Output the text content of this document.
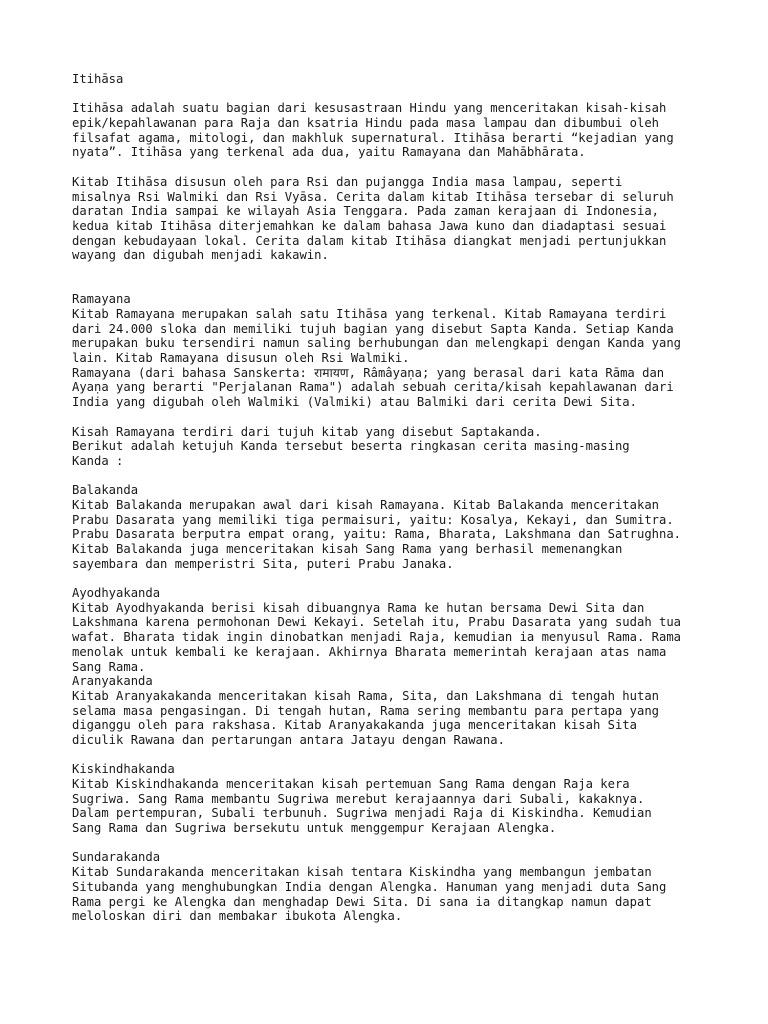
Itihāsa
Itihāsa adalah suatu bagian dari kesusastraan Hindu yang menceritakan kisah-kisah
epik/kepahlawanan para Raja dan ksatria Hindu pada masa lampau dan dibumbui oleh
filsafat agama, mitologi, dan makhluk supernatural. Itihāsa berarti “kejadian yang
nyata”. Itihāsa yang terkenal ada dua, yaitu Ramayana dan Mahābhārata.
Kitab Itihāsa disusun oleh para Rsi dan pujangga India masa lampau, seperti
misalnya Rsi Walmiki dan Rsi Vyāsa. Cerita dalam kitab Itihāsa tersebar di seluruh
daratan India sampai ke wilayah Asia Tenggara. Pada zaman kerajaan di Indonesia,
kedua kitab Itihāsa diterjemahkan ke dalam bahasa Jawa kuno dan diadaptasi sesuai
dengan kebudayaan lokal. Cerita dalam kitab Itihāsa diangkat menjadi pertunjukkan
wayang dan digubah menjadi kakawin.
Ramayana
Kitab Ramayana merupakan salah satu Itihāsa yang terkenal. Kitab Ramayana terdiri
dari 24.000 sloka dan memiliki tujuh bagian yang disebut Sapta Kanda. Setiap Kanda
merupakan buku tersendiri namun saling berhubungan dan melengkapi dengan Kanda yang
lain. Kitab Ramayana disusun oleh Rsi Walmiki.
Ramayana (dari bahasa Sanskerta: रामायण, Râmâyaṇa; yang berasal dari kata Rāma dan
Ayaṇa yang berarti "Perjalanan Rama") adalah sebuah cerita/kisah kepahlawanan dari
India yang digubah oleh Walmiki (Valmiki) atau Balmiki dari cerita Dewi Sita.
Kisah Ramayana terdiri dari tujuh kitab yang disebut Saptakanda.
Berikut adalah ketujuh Kanda tersebut beserta ringkasan cerita masing-masing
Kanda :
Balakanda
Kitab Balakanda merupakan awal dari kisah Ramayana. Kitab Balakanda menceritakan
Prabu Dasarata yang memiliki tiga permaisuri, yaitu: Kosalya, Kekayi, dan Sumitra.
Prabu Dasarata berputra empat orang, yaitu: Rama, Bharata, Lakshmana dan Satrughna.
Kitab Balakanda juga menceritakan kisah Sang Rama yang berhasil memenangkan
sayembara dan memperistri Sita, puteri Prabu Janaka.
Ayodhyakanda
Kitab Ayodhyakanda berisi kisah dibuangnya Rama ke hutan bersama Dewi Sita dan
Lakshmana karena permohonan Dewi Kekayi. Setelah itu, Prabu Dasarata yang sudah tua
wafat. Bharata tidak ingin dinobatkan menjadi Raja, kemudian ia menyusul Rama. Rama
menolak untuk kembali ke kerajaan. Akhirnya Bharata memerintah kerajaan atas nama
Sang Rama.
Aranyakanda
Kitab Aranyakakanda menceritakan kisah Rama, Sita, dan Lakshmana di tengah hutan
selama masa pengasingan. Di tengah hutan, Rama sering membantu para pertapa yang
diganggu oleh para rakshasa. Kitab Aranyakakanda juga menceritakan kisah Sita
diculik Rawana dan pertarungan antara Jatayu dengan Rawana.
Kiskindhakanda
Kitab Kiskindhakanda menceritakan kisah pertemuan Sang Rama dengan Raja kera
Sugriwa. Sang Rama membantu Sugriwa merebut kerajaannya dari Subali, kakaknya.
Dalam pertempuran, Subali terbunuh. Sugriwa menjadi Raja di Kiskindha. Kemudian
Sang Rama dan Sugriwa bersekutu untuk menggempur Kerajaan Alengka.
Sundarakanda
Kitab Sundarakanda menceritakan kisah tentara Kiskindha yang membangun jembatan
Situbanda yang menghubungkan India dengan Alengka. Hanuman yang menjadi duta Sang
Rama pergi ke Alengka dan menghadap Dewi Sita. Di sana ia ditangkap namun dapat
meloloskan diri dan membakar ibukota Alengka.
